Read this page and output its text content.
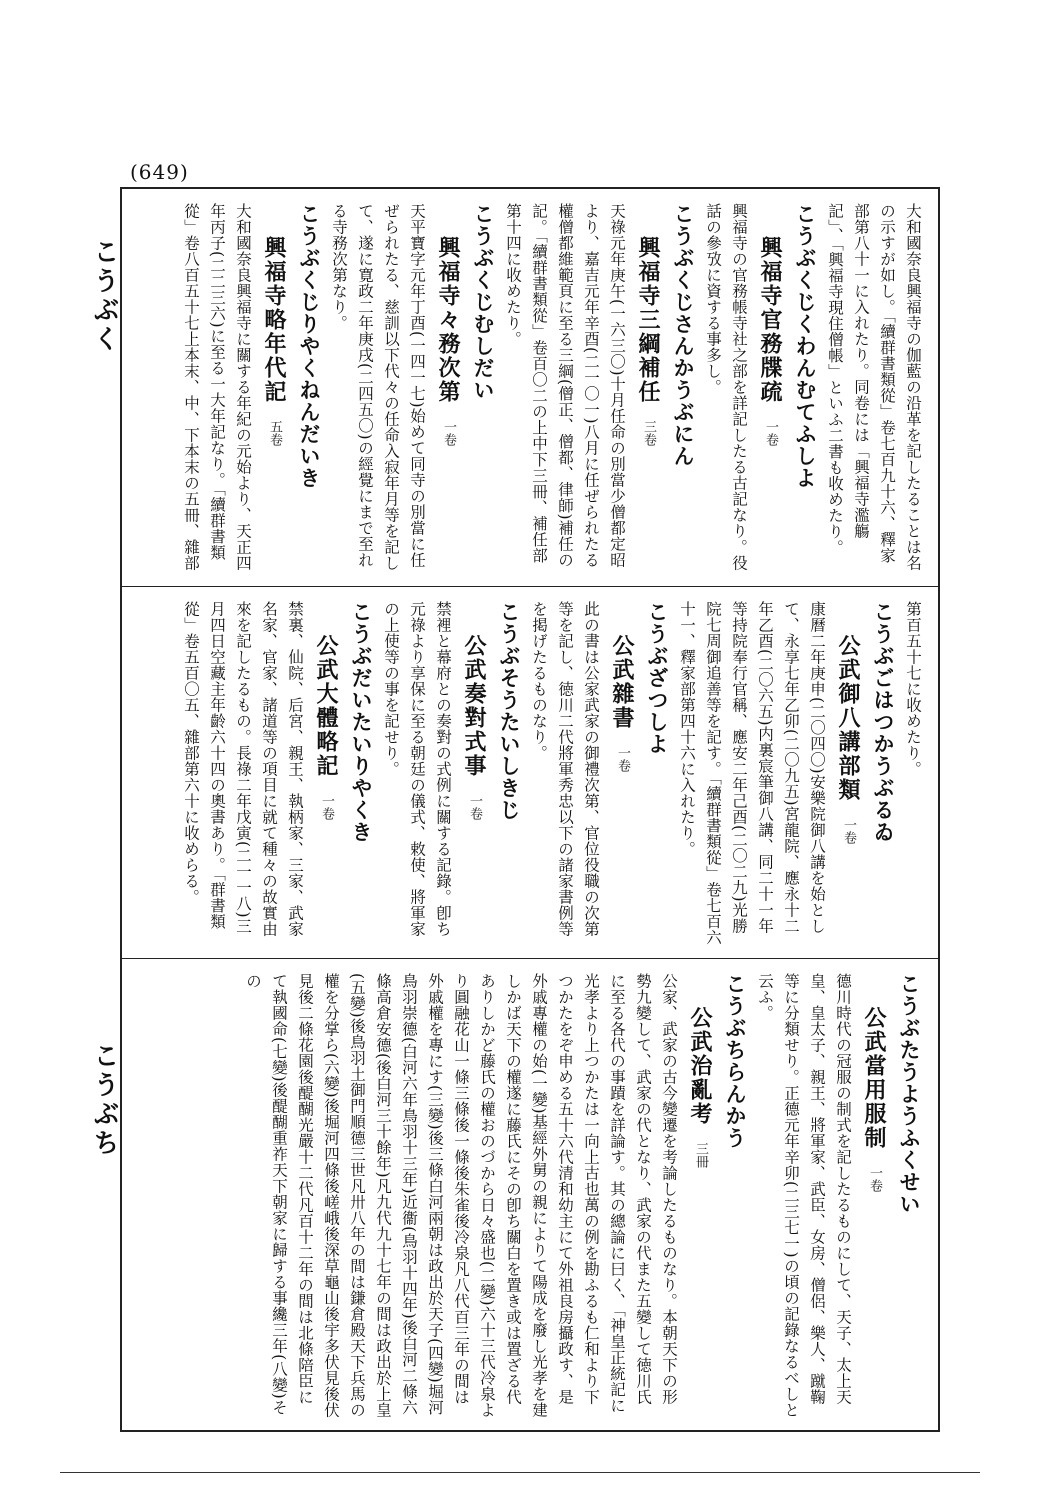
(649)
こうぶく
こうぶち
大和國奈良興福寺の伽藍の沿革を記したることは名の示すが如し。「續群書類從」卷七百九十六、釋家部第八十一に入れたり。同卷には「興福寺濫觴記」、「興福寺現住僧帳」といふ二書も收めたり。
こうぶくじくわんむてふしよ
興福寺官務牒疏一卷
興福寺の官務帳寺社之部を詳記したる古記なり。役話の參攷に資する事多し。
こうぶくじさんかうぶにん
興福寺三綱補任三卷
天祿元年庚午(一六三〇)十月任命の別當少僧都定昭より、嘉吉元年辛酉(二一〇一)八月に任ぜられたる權僧都維範頁に至る三綱(僧正、僧都、律師)補任の記。「續群書類從」卷百〇二の上中下三冊、補任部第十四に收めたり。
こうぶくじむしだい
興福寺々務次第一卷
天平寶字元年丁酉(一四一七)始めて同寺の別當に任ぜられたる、慈訓以下代々の任命入寂年月等を記して、遂に寛政二年庚戌(二四五〇)の經覺にまで至れる寺務次第なり。
こうぶくじりやくねんだいき
興福寺略年代記五卷
大和國奈良興福寺に關する年紀の元始より、天正四年丙子(二二三六)に至る一大年記なり。「續群書類從」卷八百五十七上本末、中、下本末の五冊、雜部
第百五十七に收めたり。
こうぶごはつかうぶるゐ
公武御八講部類一卷
康曆二年庚申(二〇四〇)安樂院御八講を始として、永享七年乙卯(二〇九五)宮龍院、應永十二年乙酉(二〇六五)内裏宸筆御八講、同二十一年等持院奉行官稱、應安二年己酉(二〇二九)光勝院七周御追善等を記す。「續群書類從」卷七百六十一、釋家部第四十六に入れたり。
こうぶざつしよ
公武雜書一卷
此の書は公家武家の御禮次第、官位役職の次第等を記し、徳川二代將軍秀忠以下の諸家書例等を掲げたるものなり。
こうぶそうたいしきじ
公武奏對式事一卷
禁裡と幕府との奏對の式例に關する記錄。卽ち元祿より享保に至る朝廷の儀式、敕使、將軍家の上使等の事を記せり。
こうぶだいたいりやくき
公武大體略記一卷
禁裏、仙院、后宮、親王、執柄家、三家、武家名家、官家、諸道等の項目に就て種々の故實由來を記したるもの。長祿二年戊寅(二一一八)三月四日空藏主年齡六十四の奧書あり。「群書類從」卷五百〇五、雜部第六十に收めらる。
こうぶたうようふくせい
公武當用服制一卷
德川時代の冠服の制式を記したるものにして、天子、太上天皇、皇太子、親王、將軍家、武臣、女房、僧侶、樂人、蹴鞠等に分類せり。正德元年辛卯(二三七一)の頃の記錄なるべしと云ふ。
こうぶちらんかう
公武治亂考三冊
公家、武家の古今變遷を考論したるものなり。本朝天下の形勢九變して、武家の代となり、武家の代また五變して徳川氏に至る各代の事蹟を詳論す。其の總論に曰く、「神皇正統記に光孝より上つかたは一向上古也萬の例を勘ふるも仁和より下つかたをぞ申める五十六代清和幼主にて外祖良房攝政す、是外戚專權の始(一變)基經外舅の親によりて陽成を廢し光孝を建しかば天下の權遂に藤氏にその卽ち關白を置き或は置ざる代ありしかど藤氏の權おのづから日々盛也(二變)六十三代冷泉より圓融花山一條三條後一條後朱雀後冷泉凡八代百三年の間は外戚權を專にす(三變)後三條白河兩朝は政出於天子(四變)堀河鳥羽崇德(白河六年鳥羽十三年)近衞(鳥羽十四年)後白河二條六條高倉安德(後白河三十餘年)凡九代九十七年の間は政出於上皇(五變)後鳥羽土御門順德三世凡卅八年の間は鎌倉殿天下兵馬の權を分掌ら(六變)後堀河四條後嵯峨後深草龜山後宇多伏見後伏見後二條花園後醍醐光嚴十二代凡百十二年の間は北條陪臣にて執國命(七變)後醍醐重祚天下朝家に歸する事纔三年(八變)その
